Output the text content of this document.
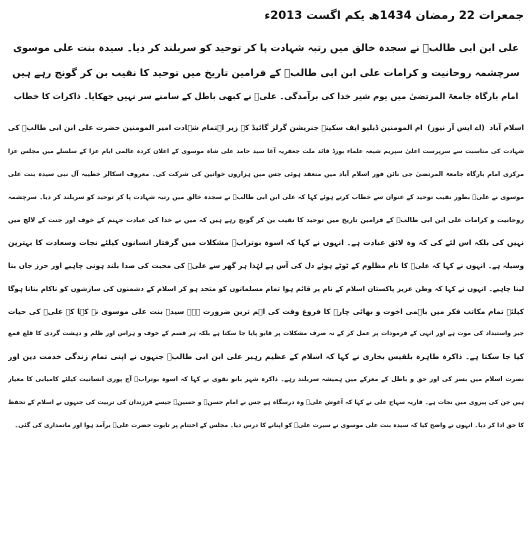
جمعرات 22 رمضان 1434ھ یکم اگست 2013ء
علی ابن ابی طالبؑ نے سجدہ خالق میں رتبہ شہادت پا کر توحید کو سربلند کر دیا۔ سیدہ بنت علی موسوی
سرچشمہ روحانیت و کرامات علی ابن ابی طالبؑ کے فرامین تاریخ میں توحید کا نقیب بن کر گونج رہے ہیں
امام بارگاہ جامعۃ المرتضیٰ میں یوم شیر خدا کی برآمدگی۔ علیؑ نے کبھی باطل کے سامنے سر نہیں جھکایا۔ ذاکرات کا خطاب
اسلام آباد
(اے ایس آر نیوز)
ام المومنین ڈبلیو ایف سکینہ جنریشن گرلز گائیڈ کے زیر اہتمام شہادت امیر المومنین حضرت علی ابن ابی طالبؑ کی
شہادت کی مناسبت سے سرپرست اعلیٰ سپریم شیعہ علماء بورڈ قائد ملت جعفریہ آغا سید حامد علی شاہ موسوی کے اعلان کردہ عالمی ایام عزا کے سلسلے میں مجلس عزا
مرکزی امام بارگاہ جامعۃ المرتضیٰ جی نائن فور اسلام آباد میں منعقد ہوئی جس میں ہزاروں خواتین کی شرکت کی۔ معروف اسکالر خطیبہ آل نبی سیدہ بنت علی
موسوی نے علیؑ بطور نقیب توحید کے عنوان سے خطاب کرتے ہوئے کہا کہ علی ابن ابی طالبؑ نے سجدہ خالق میں رتبہ شہادت پا کر توحید کو سربلند کر دیا۔ سرچشمہ
روحانیت و کرامات علی ابن ابی طالبؑ کے فرامین تاریخ میں توحید کا نقیب بن کر گونج رہے ہیں کہ میں نے خدا کی عبادت جہنم کے خوف اور جنت کے لالچ میں
نہیں کی بلکہ اس لئے کی کہ وہ لائق عبادت ہے۔ انہوں نے کہا کہ اسوہ بوترابؑ مشکلات میں گرفتار انسانوں کیلئے نجات وسعادت کا بہترین
وسیلہ ہے۔ انہوں نے کہا کہ علیؑ کا نام مظلوم کے ٹوٹے ہوئے دل کی آس ہے لہٰذا ہر گھر سے علیؑ کی محبت کی صدا بلند ہونی چاہیے اور حرز جاں بنا
لینا چاہیے۔ انہوں نے کہا کہ وطن عزیز پاکستان اسلام کے نام پر قائم ہوا تمام مسلمانوں کو متحد ہو کر اسلام کے دشمنوں کی سازشوں کو ناکام بنانا ہوگا
کیلئے تمام مکاتب فکر میں باہمی اخوت و بھائی چارہ کا فروغ وقت کی اہم ترین ضرورت ہے۔ سیدہ بنت علی موسوی نے کہا کہ علیؑ کی حیات
جبر واستبداد کی موت ہے اور انہی کے فرمودات پر عمل کر کے نہ صرف مشکلات پر قابو پایا جا سکتا ہے بلکہ ہر قسم کے خوف و ہراس اور ظلم و دہشت گردی کا قلع قمع
کیا جا سکتا ہے۔ ذاکرہ طاہرہ بلقیس بخاری نے کہا کہ اسلام کے عظیم رہبر علی ابن ابی طالبؑ جنہوں نے اپنی تمام زندگی خدمت دین اور
نصرت اسلام میں بسر کی اور حق و باطل کے معرکے میں ہمیشہ سربلند رہے۔ ذاکرہ شہر بانو نقوی نے کہا کہ اسوہ بوترابؑ آج پوری انسانیت کیلئے کامیابی کا معیار
ہیں جن کی پیروی میں نجات ہے۔ قاریہ سہاج علی نے کہا کہ آغوش علیؑ وہ درسگاہ ہے جس نے امام حسنؑ و حسینؑ جیسے فرزندان کی تربیت کی جنہوں نے اسلام کے تحفظ
کا حق ادا کر دیا۔ انہوں نے واضح کیا کہ سیدہ بنت علی موسوی نے سیرت علیؑ کو اپنانے کا درس دیا۔ مجلس کے اختتام پر تابوت حضرت علیؑ برآمد ہوا اور ماتمداری کی گئی۔
